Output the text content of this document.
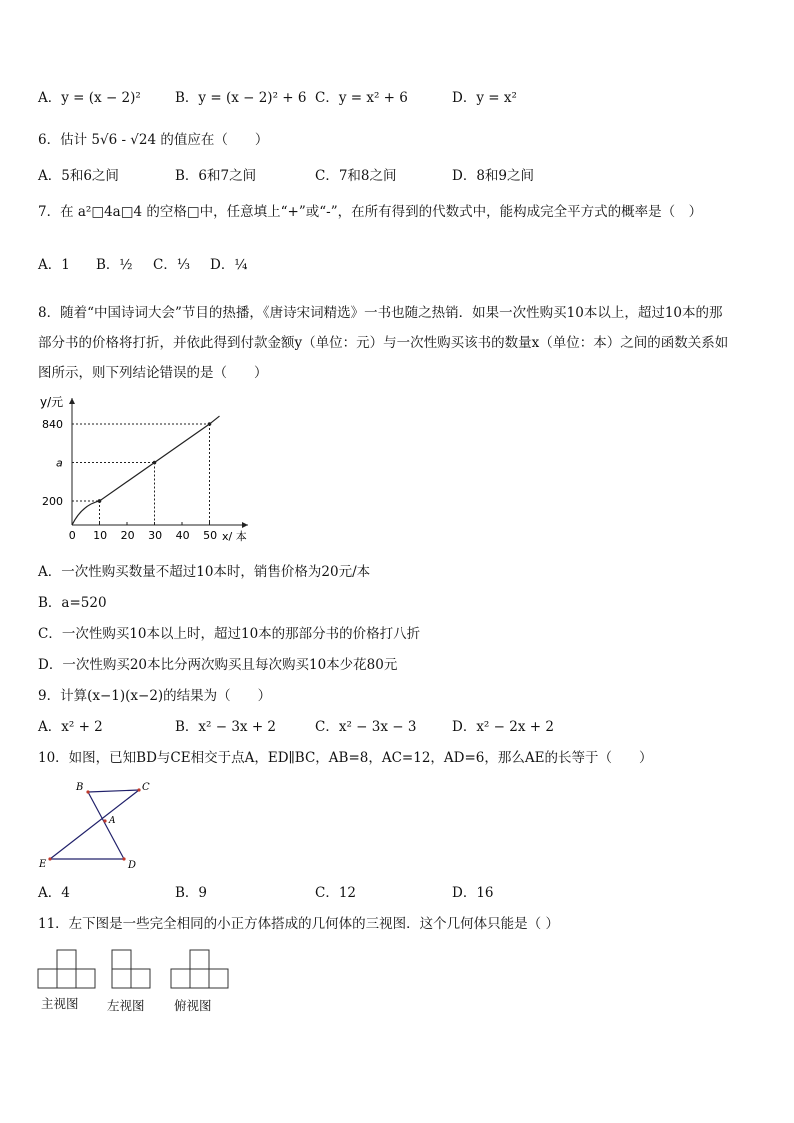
A．y = (x − 2)²	B．y = (x − 2)² + 6 C．y = x² + 6	D．y = x²
6．估计 5√6 - √24 的值应在（　　）
A．5和6之间	B．6和7之间	C．7和8之间	D．8和9之间
7．在 a²□4a□4 的空格□中，任意填上“+”或“-”，在所有得到的代数式中，能构成完全平方式的概率是（　）
A．1 B．½ C．⅓ D．¼
8．随着“中国诗词大会”节目的热播，《唐诗宋词精选》一书也随之热销．如果一次性购买10本以上，超过10本的那
部分书的价格将打折，并依此得到付款金额y（单位：元）与一次性购买该书的数量x（单位：本）之间的函数关系如
图所示，则下列结论错误的是（　　）
0 10 20 30 40 50
840
a
200
y/元
x/ 本
A．一次性购买数量不超过10本时，销售价格为20元/本
B．a=520
C．一次性购买10本以上时，超过10本的那部分书的价格打八折
D．一次性购买20本比分两次购买且每次购买10本少花80元
9．计算(x−1)(x−2)的结果为（　　）
A．x² + 2	B．x² − 3x + 2	C．x² − 3x − 3	D．x² − 2x + 2
10．如图，已知BD与CE相交于点A，ED∥BC，AB=8，AC=12，AD=6，那么AE的长等于（　　）
B	C
A
E	D
A．4	B．9	C．12	D．16
11．左下图是一些完全相同的小正方体搭成的几何体的三视图．这个几何体只能是（ ）
主视图 左视图 俯视图
